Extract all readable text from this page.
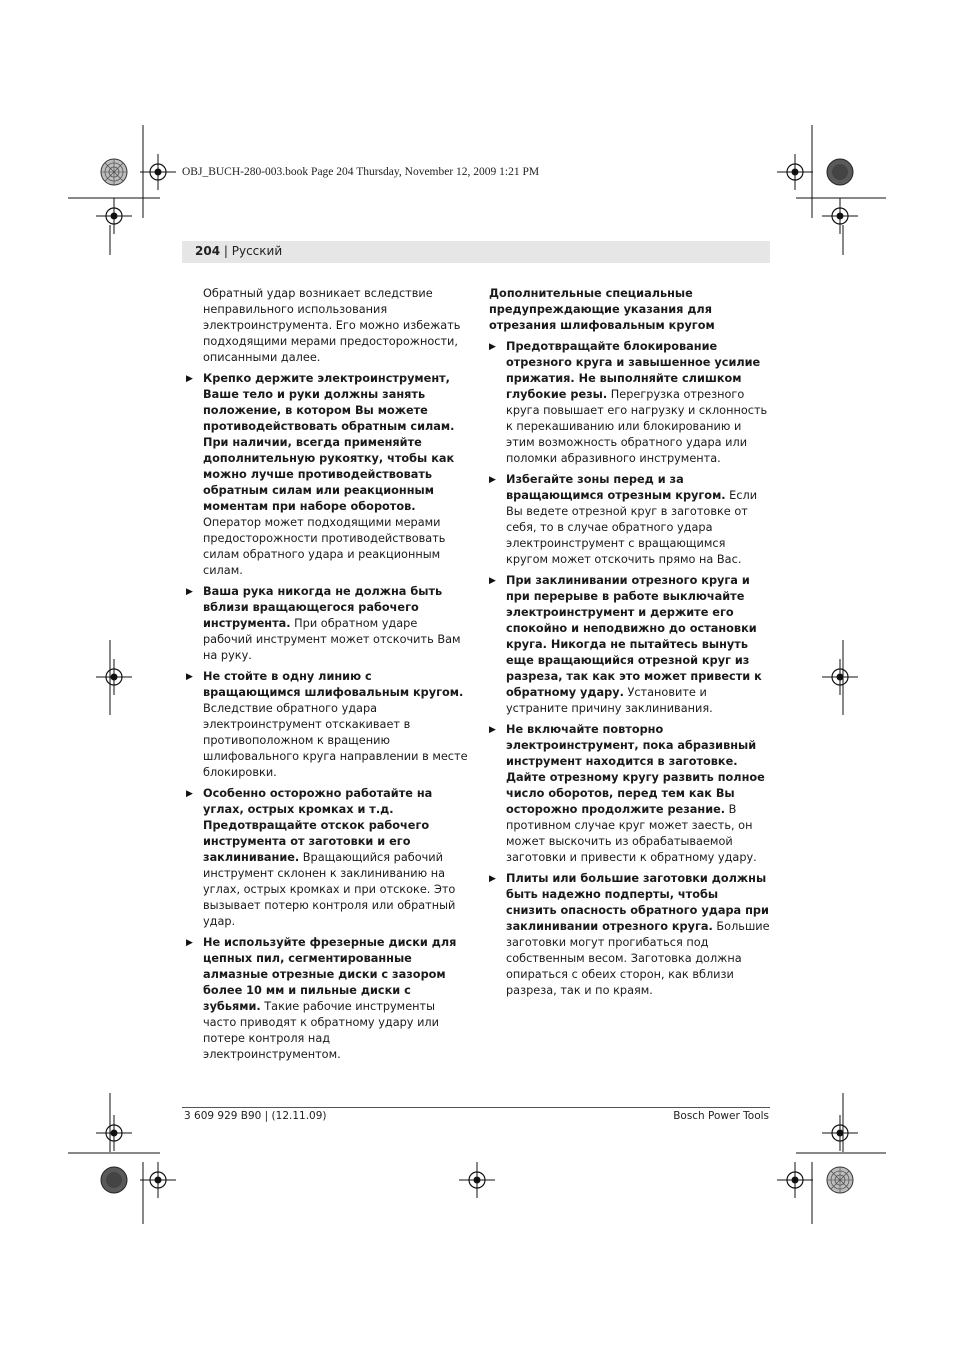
OBJ_BUCH-280-003.book Page 204 Thursday, November 12, 2009 1:21 PM
204 | Русский

Обратный удар возникает вследствие неправильного использования электроинструмента. Его можно избежать подходящими мерами предосторожности, описанными далее.

▶ Крепко держите электроинструмент, Ваше тело и руки должны занять положение, в котором Вы можете противодействовать обратным силам. При наличии, всегда применяйте дополнительную рукоятку, чтобы как можно лучше противодействовать обратным силам или реакционным моментам при наборе оборотов. Оператор может подходящими мерами предосторожности противодействовать силам обратного удара и реакционным силам.
▶ Ваша рука никогда не должна быть вблизи вращающегося рабочего инструмента. При обратном ударе рабочий инструмент может отскочить Вам на руку.
▶ Не стойте в одну линию с вращающимся шлифовальным кругом. Вследствие обратного удара электроинструмент отскакивает в противоположном к вращению шлифовального круга направлении в месте блокировки.
▶ Особенно осторожно работайте на углах, острых кромках и т.д. Предотвращайте отскок рабочего инструмента от заготовки и его заклинивание. Вращающийся рабочий инструмент склонен к заклиниванию на углах, острых кромках и при отскоке. Это вызывает потерю контроля или обратный удар.
▶ Не используйте фрезерные диски для цепных пил, сегментированные алмазные отрезные диски с зазором более 10 мм и пильные диски с зубьями. Такие рабочие инструменты часто приводят к обратному удару или потере контроля над электроинструментом.

Дополнительные специальные предупреждающие указания для отрезания шлифовальным кругом

▶ Предотвращайте блокирование отрезного круга и завышенное усилие прижатия. Не выполняйте слишком глубокие резы. Перегрузка отрезного круга повышает его нагрузку и склонность к перекашиванию или блокированию и этим возможность обратного удара или поломки абразивного инструмента.
▶ Избегайте зоны перед и за вращающимся отрезным кругом. Если Вы ведете отрезной круг в заготовке от себя, то в случае обратного удара электроинструмент с вращающимся кругом может отскочить прямо на Вас.
▶ При заклинивании отрезного круга и при перерыве в работе выключайте электроинструмент и держите его спокойно и неподвижно до остановки круга. Никогда не пытайтесь вынуть еще вращающийся отрезной круг из разреза, так как это может привести к обратному удару. Установите и устраните причину заклинивания.
▶ Не включайте повторно электроинструмент, пока абразивный инструмент находится в заготовке. Дайте отрезному кругу развить полное число оборотов, перед тем как Вы осторожно продолжите резание. В противном случае круг может заесть, он может выскочить из обрабатываемой заготовки и привести к обратному удару.
▶ Плиты или большие заготовки должны быть надежно подперты, чтобы снизить опасность обратного удара при заклинивании отрезного круга. Большие заготовки могут прогибаться под собственным весом. Заготовка должна опираться с обеих сторон, как вблизи разреза, так и по краям.
3 609 929 B90 | (12.11.09)	Bosch Power Tools
